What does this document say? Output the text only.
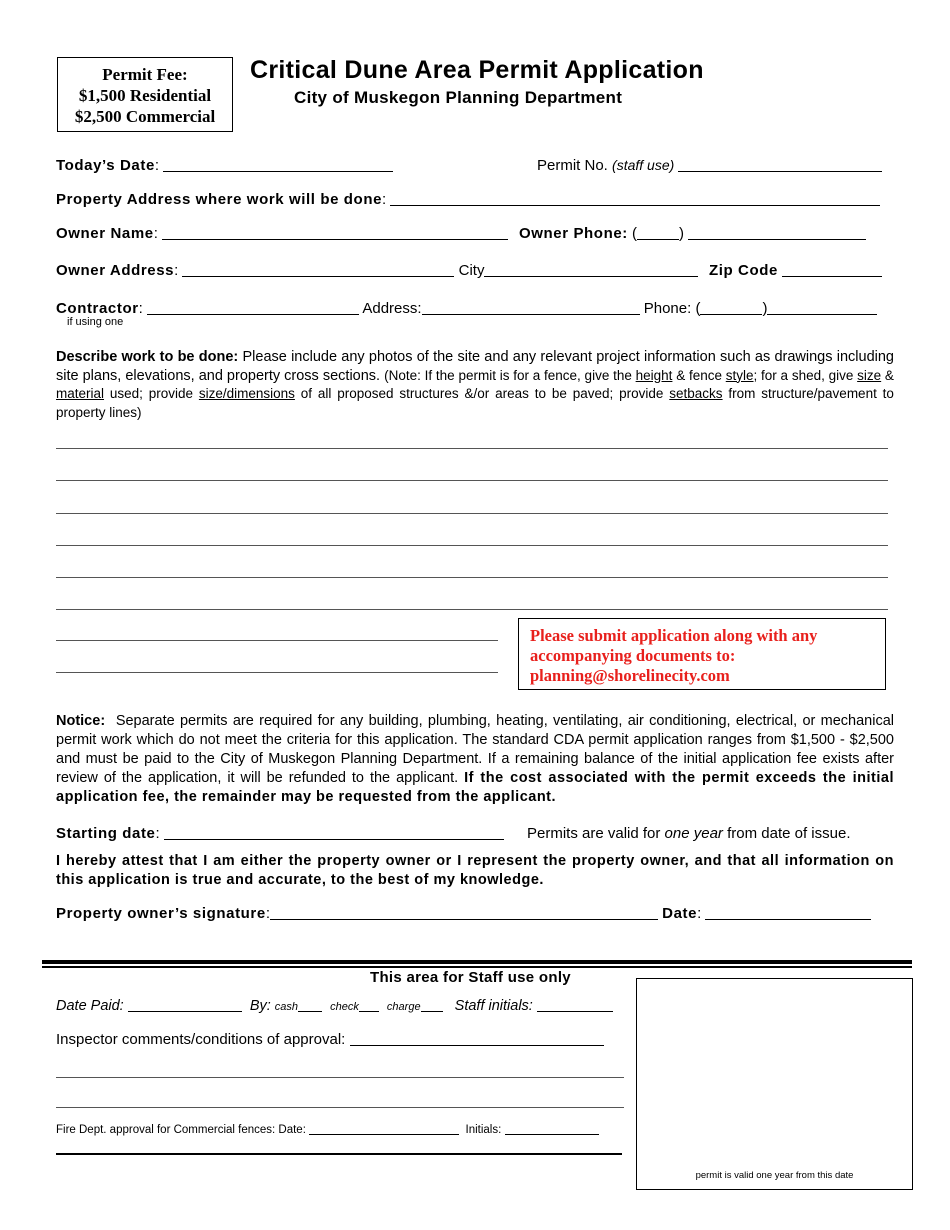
Permit Fee:
$1,500 Residential
$2,500 Commercial
Critical Dune Area Permit Application
City of Muskegon Planning Department
Today’s Date:	Permit No. (staff use)
Property Address where work will be done:
Owner Name:	Owner Phone: (	)
Owner Address:	City	Zip Code
Contractor:	Address:	Phone: (	)
if using one
Describe work to be done: Please include any photos of the site and any relevant project information such as drawings including site plans, elevations, and property cross sections. (Note: If the permit is for a fence, give the height & fence style; for a shed, give size & material used; provide size/dimensions of all proposed structures &/or areas to be paved; provide setbacks from structure/pavement to property lines)
Please submit application along with any
accompanying documents to:
planning@shorelinecity.com
Notice: Separate permits are required for any building, plumbing, heating, ventilating, air conditioning, electrical, or mechanical permit work which do not meet the criteria for this application. The standard CDA permit application ranges from $1,500 - $2,500 and must be paid to the City of Muskegon Planning Department. If a remaining balance of the initial application fee exists after review of the application, it will be refunded to the applicant. If the cost associated with the permit exceeds the initial application fee, the remainder may be requested from the applicant.
Starting date:	Permits are valid for one year from date of issue.
I hereby attest that I am either the property owner or I represent the property owner, and that all information on this application is true and accurate, to the best of my knowledge.
Property owner’s signature:	Date:
This area for Staff use only
Date Paid:	By: cash	check	charge Staff initials:
Inspector comments/conditions of approval:
Fire Dept. approval for Commercial fences: Date:	Initials:
permit is valid one year from this date
